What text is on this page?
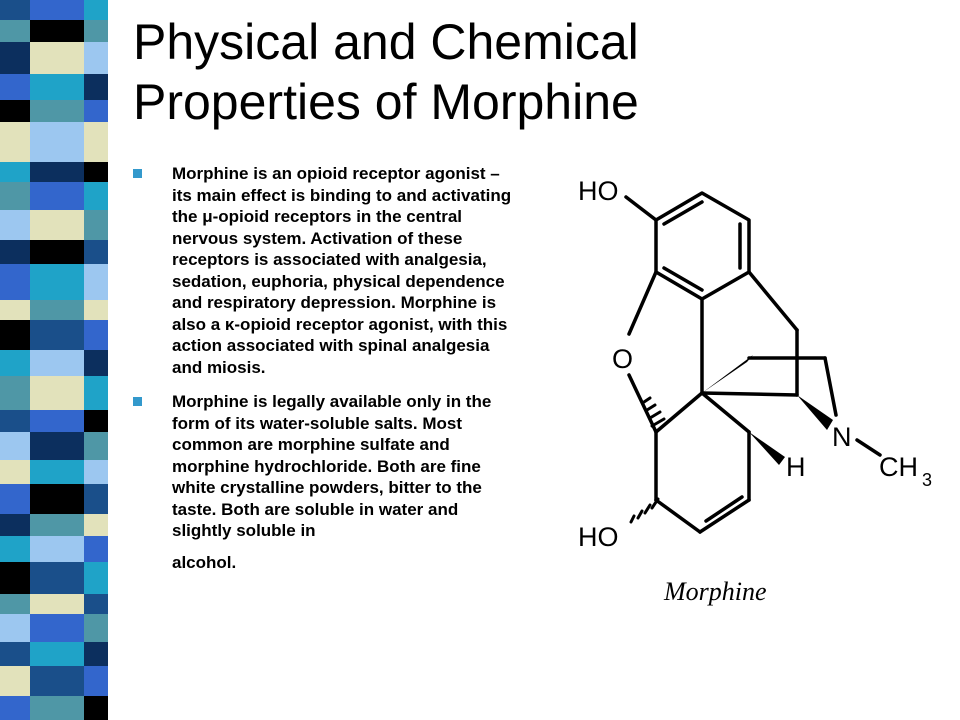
Physical and Chemical
Properties of Morphine
Morphine is an opioid receptor agonist – its main effect is binding to and activating the μ-opioid receptors in the central nervous system. Activation of these receptors is associated with analgesia, sedation, euphoria, physical dependence and respiratory depression. Morphine is also a κ-opioid receptor agonist, with this action associated with spinal analgesia and miosis.
Morphine is legally available only in the form of its water-soluble salts. Most common are morphine sulfate and morphine hydrochloride. Both are fine white crystalline powders, bitter to the taste. Both are soluble in water and slightly soluble in
alcohol.
HO
O
N
H	CH 3
HO
Morphine
